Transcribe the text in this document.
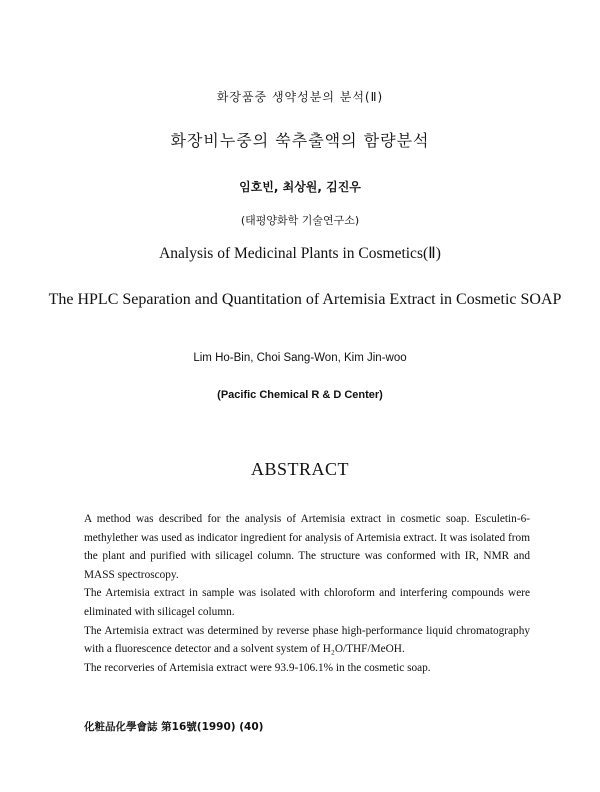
화장품중 생약성분의 분석(Ⅱ)
화장비누중의 쑥추출액의 함량분석
임호빈, 최상원, 김진우
(태평양화학 기술연구소)
Analysis of Medicinal Plants in Cosmetics(Ⅱ)
The HPLC Separation and Quantitation of Artemisia Extract in Cosmetic SOAP
Lim Ho-Bin, Choi Sang-Won, Kim Jin-woo
(Pacific Chemical R & D Center)
ABSTRACT

A method was described for the analysis of Artemisia extract in cosmetic soap. Esculetin-6-methylether was used as indicator ingredient for analysis of Artemisia extract. It was isolated from the plant and purified with silicagel column. The structure was conformed with IR, NMR and MASS spectroscopy.

The Artemisia extract in sample was isolated with chloroform and interfering compounds were eliminated with silicagel column.

The Artemisia extract was determined by reverse phase high-performance liquid chromatography with a fluorescence detector and a solvent system of H₂O/THF/MeOH.

The recorveries of Artemisia extract were 93.9-106.1% in the cosmetic soap.

化粧品化學會誌 第16號(1990) (40)
